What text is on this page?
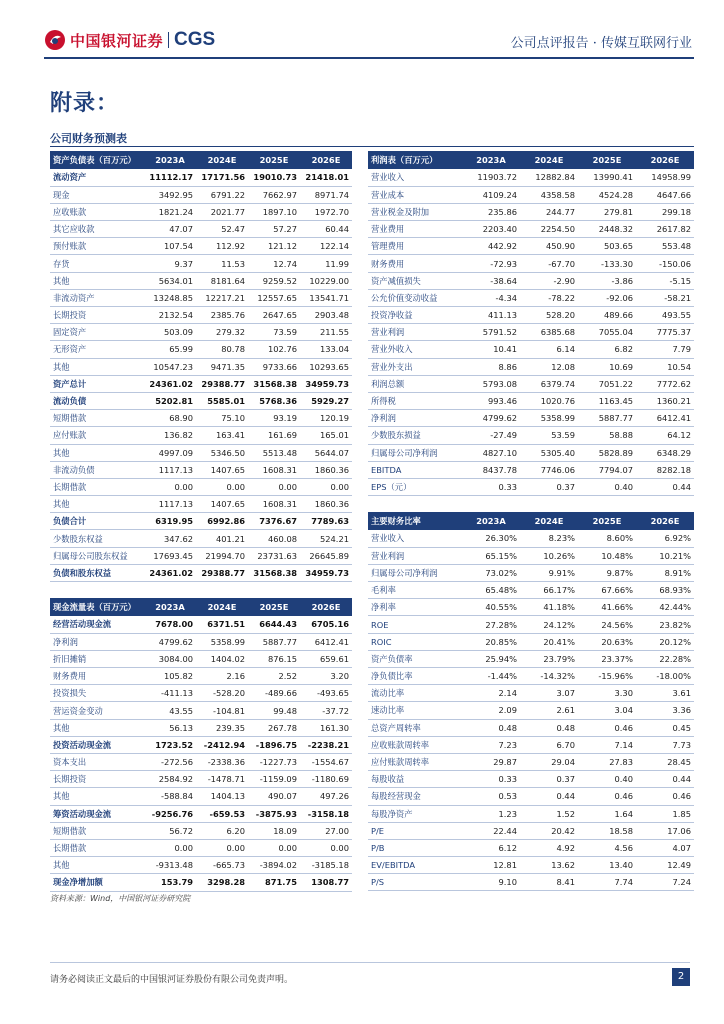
中国银河证券 CGS	公司点评报告 · 传媒互联网行业
附录：
公司财务预测表
资产负债表（百万元）	2023A	2024E	2025E	2026E
流动资产	11112.17	17171.56	19010.73	21418.01
现金	3492.95	6791.22	7662.97	8971.74
应收账款	1821.24	2021.77	1897.10	1972.70
其它应收款	47.07	52.47	57.27	60.44
预付账款	107.54	112.92	121.12	122.14
存货	9.37	11.53	12.74	11.99
其他	5634.01	8181.64	9259.52	10229.00
非流动资产	13248.85	12217.21	12557.65	13541.71
长期投资	2132.54	2385.76	2647.65	2903.48
固定资产	503.09	279.32	73.59	211.55
无形资产	65.99	80.78	102.76	133.04
其他	10547.23	9471.35	9733.66	10293.65
资产总计	24361.02	29388.77	31568.38	34959.73
流动负债	5202.81	5585.01	5768.36	5929.27
短期借款	68.90	75.10	93.19	120.19
应付账款	136.82	163.41	161.69	165.01
其他	4997.09	5346.50	5513.48	5644.07
非流动负债	1117.13	1407.65	1608.31	1860.36
长期借款	0.00	0.00	0.00	0.00
其他	1117.13	1407.65	1608.31	1860.36
负债合计	6319.95	6992.86	7376.67	7789.63
少数股东权益	347.62	401.21	460.08	524.21
归属母公司股东权益	17693.45	21994.70	23731.63	26645.89
负债和股东权益	24361.02	29388.77	31568.38	34959.73
利润表（百万元）	2023A	2024E	2025E	2026E
营业收入	11903.72	12882.84	13990.41	14958.99
营业成本	4109.24	4358.58	4524.28	4647.66
营业税金及附加	235.86	244.77	279.81	299.18
营业费用	2203.40	2254.50	2448.32	2617.82
管理费用	442.92	450.90	503.65	553.48
财务费用	-72.93	-67.70	-133.30	-150.06
资产减值损失	-38.64	-2.90	-3.86	-5.15
公允价值变动收益	-4.34	-78.22	-92.06	-58.21
投资净收益	411.13	528.20	489.66	493.55
营业利润	5791.52	6385.68	7055.04	7775.37
营业外收入	10.41	6.14	6.82	7.79
营业外支出	8.86	12.08	10.69	10.54
利润总额	5793.08	6379.74	7051.22	7772.62
所得税	993.46	1020.76	1163.45	1360.21
净利润	4799.62	5358.99	5887.77	6412.41
少数股东损益	-27.49	53.59	58.88	64.12
归属母公司净利润	4827.10	5305.40	5828.89	6348.29
EBITDA	8437.78	7746.06	7794.07	8282.18
EPS（元）	0.33	0.37	0.40	0.44
现金流量表（百万元）	2023A	2024E	2025E	2026E
经营活动现金流	7678.00	6371.51	6644.43	6705.16
净利润	4799.62	5358.99	5887.77	6412.41
折旧摊销	3084.00	1404.02	876.15	659.61
财务费用	105.82	2.16	2.52	3.20
投资损失	-411.13	-528.20	-489.66	-493.65
营运资金变动	43.55	-104.81	99.48	-37.72
其他	56.13	239.35	267.78	161.30
投资活动现金流	1723.52	-2412.94	-1896.75	-2238.21
资本支出	-272.56	-2338.36	-1227.73	-1554.67
长期投资	2584.92	-1478.71	-1159.09	-1180.69
其他	-588.84	1404.13	490.07	497.26
筹资活动现金流	-9256.76	-659.53	-3875.93	-3158.18
短期借款	56.72	6.20	18.09	27.00
长期借款	0.00	0.00	0.00	0.00
其他	-9313.48	-665.73	-3894.02	-3185.18
现金净增加额	153.79	3298.28	871.75	1308.77
主要财务比率	2023A	2024E	2025E	2026E
营业收入	26.30%	8.23%	8.60%	6.92%
营业利润	65.15%	10.26%	10.48%	10.21%
归属母公司净利润	73.02%	9.91%	9.87%	8.91%
毛利率	65.48%	66.17%	67.66%	68.93%
净利率	40.55%	41.18%	41.66%	42.44%
ROE	27.28%	24.12%	24.56%	23.82%
ROIC	20.85%	20.41%	20.63%	20.12%
资产负债率	25.94%	23.79%	23.37%	22.28%
净负债比率	-1.44%	-14.32%	-15.96%	-18.00%
流动比率	2.14	3.07	3.30	3.61
速动比率	2.09	2.61	3.04	3.36
总资产周转率	0.48	0.48	0.46	0.45
应收账款周转率	7.23	6.70	7.14	7.73
应付账款周转率	29.87	29.04	27.83	28.45
每股收益	0.33	0.37	0.40	0.44
每股经营现金	0.53	0.44	0.46	0.46
每股净资产	1.23	1.52	1.64	1.85
P/E	22.44	20.42	18.58	17.06
P/B	6.12	4.92	4.56	4.07
EV/EBITDA	12.81	13.62	13.40	12.49
P/S	9.10	8.41	7.74	7.24
资料来源：Wind，中国银河证券研究院
请务必阅读正文最后的中国银河证券股份有限公司免责声明。	2
